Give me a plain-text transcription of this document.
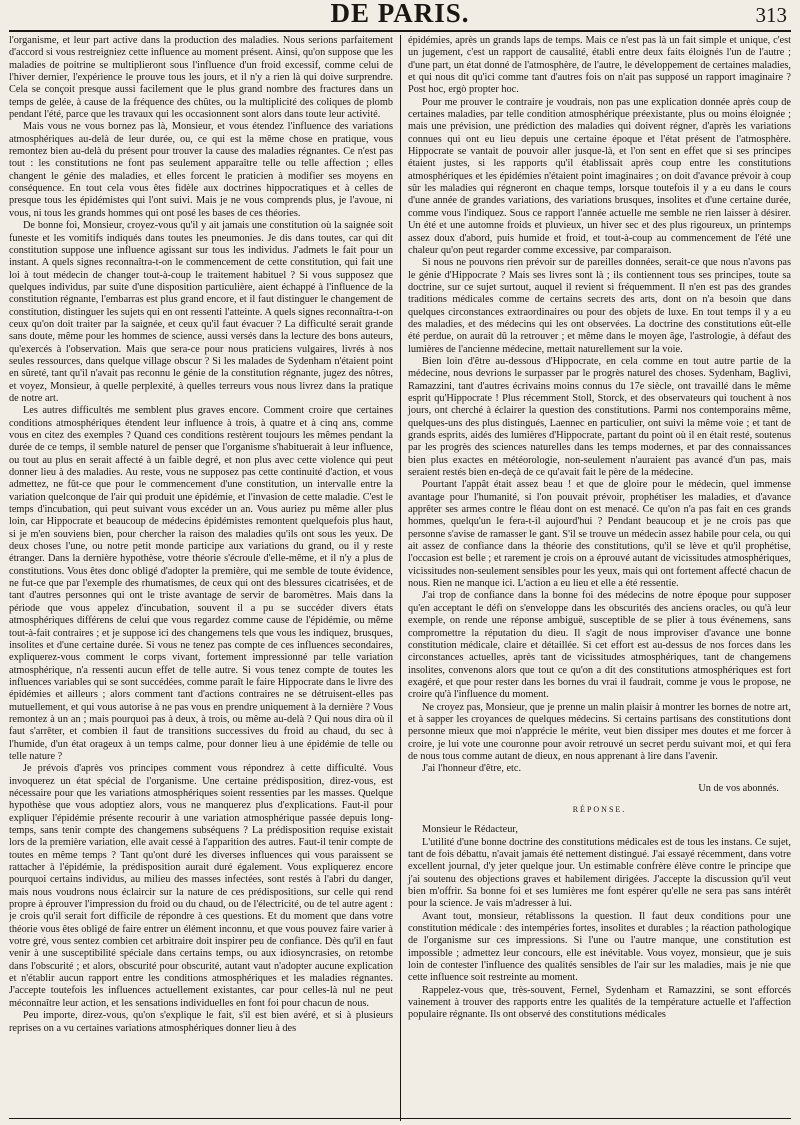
DE PARIS.	313

l'organisme, et leur part active dans la production des maladies. Nous serions parfaitement d'accord si vous restreigniez cette influence au moment présent. Ainsi, qu'on suppose que les maladies de poitrine se multiplieront sous l'influence d'un froid excessif, comme celui de l'hiver dernier, l'expérience le prouve tous les jours, et il n'y a rien là qui doive surprendre. Cela se conçoit presque aussi facilement que le plus grand nombre des fractures dans un temps de gelée, à cause de la fréquence des chûtes, ou la multiplicité des coliques de plomb pendant l'été, parce que les travaux qui les occasionnent sont alors dans toute leur activité.

Mais vous ne vous bornez pas là, Monsieur, et vous étendez l'influence des variations atmosphériques au-delà de leur durée, ou, ce qui est la même chose en pratique, vous remontez bien au-delà du présent pour trouver la cause des maladies régnantes. Ce n'est pas tout : les constitutions ne font pas seulement apparaître telle ou telle affection ; elles changent le génie des maladies, et elles forcent le praticien à modifier ses moyens en conséquence. En tout cela vous êtes fidèle aux doctrines hippocratiques et à celles de presque tous les épidémistes qui l'ont suivi. Mais je ne vous comprends plus, je l'avoue, ni vous, ni tous les grands hommes qui ont posé les bases de ces théories.

De bonne foi, Monsieur, croyez-vous qu'il y ait jamais une constitution où la saignée soit funeste et les vomitifs indiqués dans toutes les pneumonies. Je dis dans toutes, car qui dit constitution suppose une influence agissant sur tous les individus. J'admets le fait pour un instant. A quels signes reconnaîtra-t-on le commencement de cette constitution, qui fait une loi à tout médecin de changer tout-à-coup le traitement habituel ? Si vous supposez que quelques individus, par suite d'une disposition particulière, aient échappé à l'influence de la constitution régnante, l'embarras est plus grand encore, et il faut distinguer le changement de constitution, distinguer les sujets qui en ont ressenti l'atteinte. A quels signes reconnaîtra-t-on ceux qu'on doit traiter par la saignée, et ceux qu'il faut évacuer ? La difficulté serait grande sans doute, même pour les hommes de science, aussi versés dans la lecture des bons auteurs, qu'exercés à l'observation. Mais que sera-ce pour nous praticiens vulgaires, livrés à nos seules ressources, dans quelque village obscur ? Si les malades de Sydenham n'étaient point en sûreté, tant qu'il n'avait pas reconnu le génie de la constitution régnante, jugez des nôtres, et voyez, Monsieur, à quelle perplexité, à quelles terreurs vous nous livrez dans la pratique de notre art.

Les autres difficultés me semblent plus graves encore. Comment croire que certaines conditions atmosphériques étendent leur influence à trois, à quatre et à cinq ans, comme vous en citez des exemples ? Quand ces conditions restèrent toujours les mêmes pendant la durée de ce temps, il semble naturel de penser que l'organisme s'habituerait à leur influence, ou tout au plus en serait affecté à un faible degré, et non plus avec cette violence qui peut donner lieu à des maladies. Au reste, vous ne supposez pas cette continuité d'action, et vous admettez, ne fût-ce que pour le commencement d'une constitution, un intervalle entre la variation quelconque de l'air qui produit une épidémie, et l'invasion de cette maladie. C'est le temps d'incubation, qui peut suivant vous excéder un an. Vous auriez pu même aller plus loin, car Hippocrate et beaucoup de médecins épidémistes remontent quelquefois plus haut, si je m'en souviens bien, pour chercher la raison des maladies qu'ils ont sous les yeux. De deux choses l'une, ou notre petit monde participe aux variations du grand, ou il y reste étranger. Dans la dernière hypothèse, votre théorie s'écroule d'elle-même, et il n'y a plus de constitutions. Vous êtes donc obligé d'adopter la première, qui me semble de toute évidence, ne fut-ce que par l'exemple des rhumatismes, de ceux qui ont des blessures cicatrisées, et de tant d'autres personnes qui ont le triste avantage de servir de baromètres. Mais dans la période que vous appelez d'incubation, souvent il a pu se succéder divers états atmosphériques différens de celui que vous regardez comme cause de l'épidémie, ou même tout-à-fait contraires ; et je suppose ici des changemens tels que vous les indiquez, brusques, insolites et d'une certaine durée. Si vous ne tenez pas compte de ces influences secondaires, expliquerez-vous comment le corps vivant, fortement impressionné par telle variation atmosphérique, n'a ressenti aucun effet de telle autre. Si vous tenez compte de toutes les influences variables qui se sont succédées, comme paraît le faire Hippocrate dans le livre des épidémies et ailleurs ; alors comment tant d'actions contraires ne se détruisent-elles pas mutuellement, et qui vous autorise à ne pas vous en prendre uniquement à la dernière ? Vous remontez à un an ; mais pourquoi pas à deux, à trois, ou même au-delà ? Qui nous dira où il faut s'arrêter, et combien il faut de transitions successives du froid au chaud, du sec à l'humide, d'un état orageux à un temps calme, pour donner lieu à une épidémie de telle ou telle nature ?

Je prévois d'après vos principes comment vous répondrez à cette difficulté. Vous invoquerez un état spécial de l'organisme. Une certaine prédisposition, direz-vous, est nécessaire pour que les variations atmosphériques soient ressenties par les masses. Quelque hypothèse que vous adoptiez alors, vous ne manquerez plus d'explications. Faut-il pour expliquer l'épidémie présente recourir à une variation atmosphérique passée depuis long-temps, sans tenir compte des changemens subséquens ? La prédisposition requise existait lors de la première variation, elle avait cessé à l'apparition des autres. Faut-il tenir compte de toutes en même temps ? Tant qu'ont duré les diverses influences qui vous paraissent se rattacher à l'épidémie, la prédisposition aurait duré également. Vous expliquerez encore pourquoi certains individus, au milieu des masses infectées, sont restés à l'abri du danger, mais nous voudrons nous éclaircir sur la nature de ces prédispositions, sur celle qui rend propre à éprouver l'impression du froid ou du chaud, ou de l'électricité, ou de tel autre agent : je crois qu'il serait fort difficile de répondre à ces questions. Et du moment que dans votre théorie vous êtes obligé de faire entrer un élément inconnu, et que vous pouvez faire varier à votre gré, vous sentez combien cet arbitraire doit inspirer peu de confiance. Dès qu'il en faut venir à une susceptibilité spéciale dans certains temps, ou aux idiosyncrasies, on retombe dans l'obscurité ; et alors, obscurité pour obscurité, autant vaut n'adopter aucune explication et n'établir aucun rapport entre les conditions atmosphériques et les maladies régnantes. J'accepte toutefois les influences actuellement existantes, car pour celles-là nul ne peut méconnaître leur action, et les sensations individuelles en font foi pour chacun de nous.

Peu importe, direz-vous, qu'on s'explique le fait, s'il est bien avéré, et si à plusieurs reprises on a vu certaines variations atmosphériques donner lieu à des

épidémies, après un grands laps de temps. Mais ce n'est pas là un fait simple et unique, c'est un jugement, c'est un rapport de causalité, établi entre deux faits éloignés l'un de l'autre ; d'une part, un état donné de l'atmosphère, de l'autre, le développement de certaines maladies, et qui nous dit qu'ici comme tant d'autres fois on n'ait pas supposé un rapport imaginaire ? Post hoc, ergò propter hoc.

Pour me prouver le contraire je voudrais, non pas une explication donnée après coup de certaines maladies, par telle condition atmosphérique préexistante, plus ou moins éloignée ; mais une prévision, une prédiction des maladies qui doivent régner, d'après les variations connues qui ont eu lieu depuis une certaine époque et l'état présent de l'atmosphère. Hippocrate se vantait de pouvoir aller jusque-là, et l'on sent en effet que si ses principes étaient justes, si les rapports qu'il établissait après coup entre les constitutions atmosphériques et les épidémies n'étaient point imaginaires ; on doit d'avance prévoir à coup sûr les maladies qui régneront en chaque temps, lorsque toutefois il y a eu dans le cours d'une année de grandes variations, des variations brusques, insolites et d'une certaine durée, comme vous l'indiquez. Sous ce rapport l'année actuelle me semble ne rien laisser à désirer. Un été et une automne froids et pluvieux, un hiver sec et des plus rigoureux, un printemps assez doux d'abord, puis humide et froid, et tout-à-coup au commencement de l'été une chaleur qu'on peut regarder comme excessive, par comparaison.

Si nous ne pouvons rien prévoir sur de pareilles données, serait-ce que nous n'avons pas le génie d'Hippocrate ? Mais ses livres sont là ; ils contiennent tous ses principes, toute sa doctrine, sur ce sujet surtout, auquel il revient si fréquemment. Il n'en est pas des grandes traditions médicales comme de certains secrets des arts, dont on n'a besoin que dans quelques circonstances extraordinaires ou pour des objets de luxe. En tout temps il y a eu des maladies, et des médecins qui les ont observées. La doctrine des constitutions eût-elle été perdue, on aurait dû la retrouver ; et même dans le moyen âge, l'astrologie, à défaut des lumières de l'ancienne médecine, mettait naturellement sur la voie.

Bien loin d'être au-dessous d'Hippocrate, en cela comme en tout autre partie de la médecine, nous devrions le surpasser par le progrès naturel des choses. Sydenham, Baglivi, Ramazzini, tant d'autres écrivains moins connus du 17e siècle, ont travaillé dans le même esprit qu'Hippocrate ! Plus récemment Stoll, Storck, et des observateurs qui touchent à nos jours, ont cherché à éclairer la question des constitutions. Parmi nos contemporains même, quelques-uns des plus distingués, Laennec en particulier, ont suivi la même voie ; et tant de grands esprits, aidés des lumières d'Hippocrate, partant du point où il en était resté, soutenus par les progrès des sciences naturelles dans les temps modernes, et par des connaissances bien plus exactes en météorologie, non-seulement n'auraient pas avancé d'un pas, mais seraient restés bien en-deçà de ce qu'avait fait le père de la médecine.

Pourtant l'appât était assez beau ! et que de gloire pour le médecin, quel immense avantage pour l'humanité, si l'on pouvait prévoir, prophétiser les maladies, et d'avance apprêter ses armes contre le fléau dont on est menacé. Ce qu'on n'a pas fait en ces grands hommes, quelqu'un le fera-t-il aujourd'hui ? Pendant beaucoup et je ne crois pas que personne s'avise de ramasser le gant. S'il se trouve un médecin assez habile pour cela, ou qui ait assez de confiance dans la théorie des constitutions, qu'il se lève et qu'il prophétise, l'occasion est belle ; et rarement je crois on a éprouvé autant de vicissitudes atmosphériques, vicissitudes non-seulement sensibles pour les yeux, mais qui ont fortement affecté chacun de nous. Rien ne manque ici. L'action a eu lieu et elle a été ressentie.

J'ai trop de confiance dans la bonne foi des médecins de notre époque pour supposer qu'en acceptant le défi on s'enveloppe dans les obscurités des anciens oracles, ou qu'à leur exemple, on rende une réponse ambiguë, susceptible de se plier à tous événemens, sans compromettre la réputation du dieu. Il s'agit de nous improviser d'avance une bonne constitution médicale, claire et détaillée. Si cet effort est au-dessus de nos forces dans les circonstances actuelles, après tant de vicissitudes atmosphériques, tant de changemens insolites, convenons alors que tout ce qu'on a dit des constitutions atmosphériques est fort exagéré, et que pour rester dans les bornes du vrai il faudrait, comme je vous le propose, ne croire qu'à l'influence du moment.

Ne croyez pas, Monsieur, que je prenne un malin plaisir à montrer les bornes de notre art, et à sapper les croyances de quelques médecins. Si certains partisans des constitutions dont personne mieux que moi n'apprécie le mérite, veut bien dissiper mes doutes et me forcer à croire, je lui vote une couronne pour avoir retrouvé un secret perdu suivant moi, et qui fera de nous tous comme autant de dieux, en nous apprenant à lire dans l'avenir.

J'ai l'honneur d'être, etc.

Un de vos abonnés.
RÉPONSE.

Monsieur le Rédacteur,

L'utilité d'une bonne doctrine des constitutions médicales est de tous les instans. Ce sujet, tant de fois débattu, n'avait jamais été nettement distingué. J'ai essayé récemment, dans votre excellent journal, d'y jeter quelque jour. Un estimable confrère élève contre le principe que j'ai soutenu des objections graves et habilement dirigées. J'accepte la discussion qu'il veut bien m'offrir. Sa bonne foi et ses lumières me font espérer qu'elle ne sera pas sans intérêt pour la science. Je vais m'adresser à lui.

Avant tout, monsieur, rétablissons la question. Il faut deux conditions pour une constitution médicale : des intempéries fortes, insolites et durables ; la réaction pathologique de l'organisme sur ces impressions. Si l'une ou l'autre manque, une constitution est impossible ; admettez leur concours, elle est inévitable. Vous voyez, monsieur, que je suis loin de contester l'influence des qualités sensibles de l'air sur les maladies, mais je nie que cette influence soit restreinte au moment.

Rappelez-vous que, très-souvent, Fernel, Sydenham et Ramazzini, se sont efforcés vainement à trouver des rapports entre les qualités de la température actuelle et l'affection populaire régnante. Ils ont observé des constitutions médicales
